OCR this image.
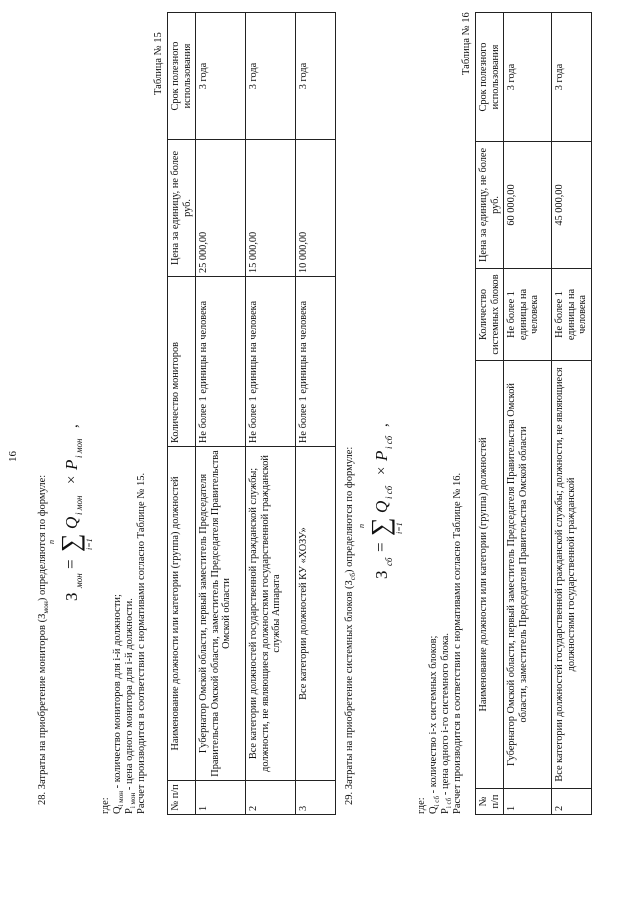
16
28. Затраты на приобретение мониторов $(З_{мон})$ определяются по формуле: З
мон
=
n ∑ i=1
Q
i мон
×
P
i мон
,
где: $Q_{i мон}$ - количество мониторов для i-й должности;
$P_{i мон}$ - цена одного монитора для i-й должности. Расчет производится в соответствии с нормативами согласно Таблице № 15.
Таблица № 15
№ п/п	Наименование должности или категории (группа) должностей	Количество мониторов	Цена за единицу, не более руб.	Срок полезного использования
1	Губернатор Омской области, первый заместитель Председателя Правительства Омской области, заместитель Председателя Правительства Омской области	Не более 1 единицы на человека	25 000,00	3 года
2	Все категории должностей государственной гражданской службы; должности, не являющиеся должностями государственной гражданской службы Аппарата	Не более 1 единицы на человека	15 000,00	3 года
3	Все категории должностей КУ «ХОЗУ»	Не более 1 единицы на человека	10 000,00	3 года
29. Затраты на приобретение системных блоков $(З_{сб})$ определяются по формуле:
З
сб
=
n ∑ i=1
Q
i сб
×
P
i сб
,
где: $Q_{i сб}$ - количество i-х системных блоков;
$P_{i сб}$ - цена одного i-го системного блока. Расчет производится в соответствии с нормативами согласно Таблице № 16.
Таблица № 16
№ п/п	Наименование должности или категории (группа) должностей	Количество системных блоков	Цена за единицу, не более руб.	Срок полезного использования
1	Губернатор Омской области, первый заместитель Председателя Правительства Омской области, заместитель Председателя Правительства Омской области	Не более 1 единицы на человека	60 000,00	3 года
2	Все категории должностей государственной гражданской службы; должности, не являющиеся должностями государственной гражданской	Не более 1 единицы на человека	45 000,00	3 года
